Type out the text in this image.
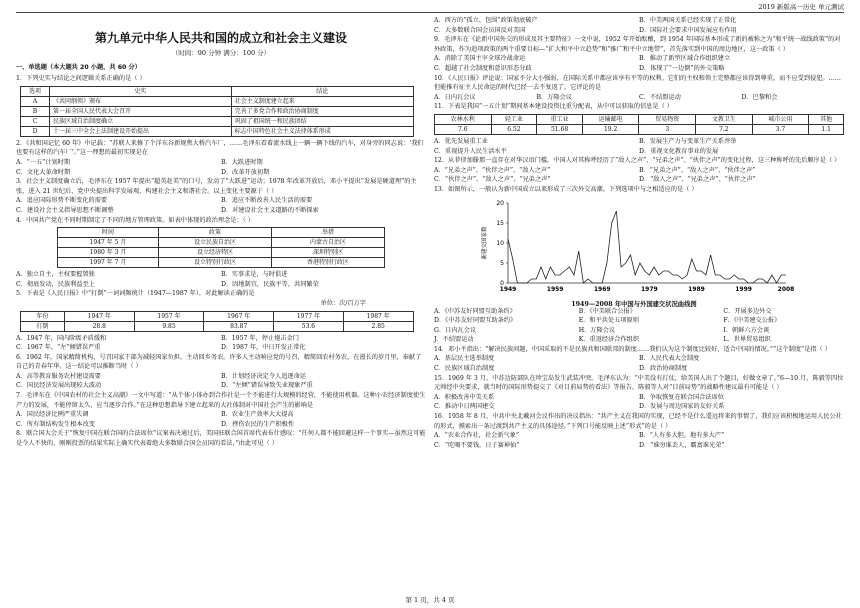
2019 新版高一历史 单元测试
第九单元中华人民共和国的成立和社会主义建设
（时间：90 分钟 满分：100 分）
一、单选题（本大题共 20 小题，共 60 分）

1．下列史实与结论之间逻辑关系正确的是（ ）

选项	史实	结论
A	《共同纲领》颁布	社会主义制度建立起来
B	第一届全国人民代表大会召开	完善了多党合作和政治协商制度
C	民族区域自治制度确立	巩固了祖国统一和民族团结
D	十一届三中全会上法制建设开始提出	标志中国特色社会主义法律体系形成

2．《共和国记忆 60 年》中记载：“苏联人来修了个洋东谷新规焦大桥汽车厂，……毛泽东看着流水线上一辆一辆下线的汽车，对身旁的同志说：‘我们也要有这样的汽车厂’。”这一理想的最初实现是在

A．“一五”计划时期	B．大跃进时期
C．文化大革命时期	D．改革开放初期

3．社会主义制度确立后，毛泽东在 1957 年提出“超英赶美”的口号，发动了“大跃进”运动；1978 年改革开放后，邓小平提出“发展是硬道理”的主张，进入 21 世纪后，党中央提出科学发展观，构建社会主义和谐社会。以上变化主要源于（ ）

A．追应国际形势不断变化的需要	B．追应不断改善人民生活的需要
C．建设社会主义指导思想不断调整	D．对建设社会主义道路的不断探索

4．中国共产党在不同时期制定了不同的地方管理政策。如表中体现的政治理念是：（ ）

时间	政策	举措
1947 年 5 月	设立民族自治区	内蒙古自治区
1980 年 3 月	设立经济特区	深圳特别区
1997 年 7 月	设立特别行政区	香港特别行政区
A．独立自主，主权要握置独	B．实事求是，与时俱进
C．彻底发动，民族利益至上	D．因地制宜，民族平等，共同繁荣

5．下表是《人民日报》中“打倒”一词词频统计（1947—1987 年），对此解读正确的是

单位：次/百万字
年份	1947 年	1957 年	1967 年	1977 年	1987 年
打倒	28.8	9.85	83.87	53.6	2.85
A．1947 年，国内阶级矛盾缓和	B．1957 年，停止炮击金门
C．1967 年，“左”倾错误严重	D．1987 年，中日开发正常化

6．1962 年，国家精简机构，号召国家干部为减轻国家负担，主动回乡务农。许多人主动响应党的号召，精简回农村务农，在漫长的岁月里，奉献了自己的青春年华。这一结论可以推断当时（ ）

A．高等教育服务农村建设需要	B．计划经济决定令人追逐命运
C．国民经济发展出现较大波动	D．“左倾”错误导致失业现象严重

7．毛泽东在《中国农村的社会主义高潮》一文中写道：“从个体小体办到合作社是一个不能进行大规模的经营，不能使用机器。这种小农经济制度使生产力的发展，不能停留太久，应当逐步合作。”在这种思想指导下建立起来的大社体制对中国社会产生的影响是

A．国民经济比例严重失调	B．农业生产效率大大提高
C．所有制结构发生根本改变	D．挫伤农民的生产积极性

8．联合国大会关于“恢复中国在联合国的合法席位”议案表决通过后，美国驻联合国首席代表布什感叹：“任何人都不能回避这样一个事实—虽然这可能是令人不快的，刚刚投票的结果实际上确实代表着绝大多数联合国会员国的看法，”由此可见（ ）

A．西方的“孤立、包围”政策彻底破产	B．中美两国关系已经实现了正常化
C．大多数联合国会员国反对美国	D．国际社会要求中国发展应有作用

9．毛泽东在《论新中国外交的形成及其主要特征》一文中说，1952 年开始酝酿，到 1954 年国际基本形成了新的被称之为“和平统一战线政策”的对外政策，作为追项政策的两个重要目标—“扩大和平中立趋势”和“推广和平中立地带”，首先落实到中国的周边地区，这一政策（ ）

A．消除了美国主宰全球冷战命运	B．推动了新型区域合作组织建立
C．超越了社会制度和意识形态分歧	D．体现了“一边倒”的外交策略

10．《人民日报》评论说：国家不分大小强弱，在国际关系中都应该享有平等的权利。它们的主权和领土完整都应该得到尊重，而不应受到侵犯。……但能推有征主人民命运的时代已经一去不复返了。它评论的是

A．日内瓦会议	B．万隆会议	C．不结盟运动	D．巴黎和会

11．下表是我国“一五计划”期间基本建设投资比重分配表，从中可以获取的信息是（ ）

农林水利	轻工业	重工业	运输邮电	贸易物资	文教卫生	城市公用	其他
7.6	6.52	51.68	19.2	3	7.2	3.7	1.1
A．优先发展重工业	B．发展生产力与变革生产关系并举
C．重视提升人民生活水平	D．重视文化教育事业的发展

12．从菲律加滕那一直存在对华汉语门槛，中国人对其称呼经历了“敌人之声”、“兄弟之声”、“伙伴之声”的变化过程，这三种称呼的先后顺序是（ ）

A．“兄弟之声”、“伙伴之声”、“敌人之声”	B．“兄弟之声”、“敌人之声”、“伙伴之声”
C．“伙伴之声”、“敌人之声”、“兄弟之声”	D．“敌人之声”、“兄弟之声”、“伙伴之声”

13．如图所示，一般认为新中国成立以来形成了三次外交高潮。下列选项中与之相适应的是（ ）

0
5
10
15
20
1949	1959	1969	1979	1989	1999	2008
新建交国家数
1949—2008 年中国与外国建交状况曲线图
A．《中苏友好同盟互助条约》	B．《中美联合公报》	C．开展多边外交
D．《中苏友好同盟互助条约》	E．和平共处五项原则	F．《中美建交公报》
G．日内瓦会议	H．万隆会议	I．朝鲜六方会谈
J．不结盟运动	K．重返经济合作组织	L．世界贸易组织

14．邓小平指出：“解决民族问题，中国采取的不是民族共和国联邦的制度……我们认为这个制度比较好，适合中国的情况。”“这个制度”是指（ ）

A．基层民主选举制度	B．人民代表大会制度
C．民族区域自治制度	D．政治协商制度

15．1969 年 3 月，中苏边防部队在珍宝岛发生武装冲突。毛泽东认为：“中美没有打仗，给美国人出了个题目，好做文章了。”6—10 月，陈毅等四位元帅经中央要求，就当时的国际形势提交了《对目前局势的看法》等报告，陈毅等人对“目前局势”的战略性建议最有可能是（ ）

A．积极改善中美关系	B．争取恢复在联合国合法席位
C．推动中日两国建交	D．发展与周边国家的友好关系

16．1958 年 8 月，中共中央北戴河会议作出的决议指出：“共产主义在我国的实现，已经不是什么遥远将来的事情了，我们应该积极地运用人民公社的形式，摸索出一条过渡到共产主义的具体途径。”下列口号能反映上述“形式”的是（ ）

A．“农业合作社，社会新气象”	B．“人有多大胆，地有多大产”
C．“吃喝不要钱，日子赛神仙”	D．“谁穷谁丢人，霸富谁光荣”
第 1 页，共 4 页
